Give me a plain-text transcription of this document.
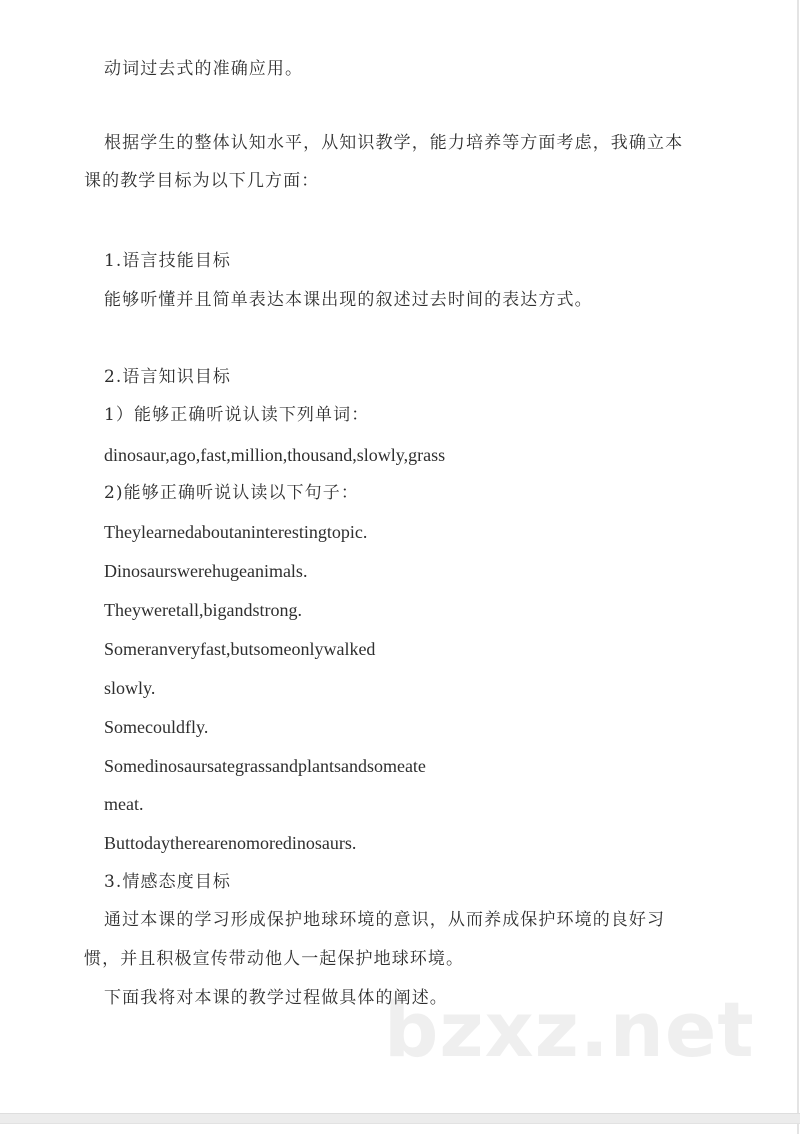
bzxz.net
动词过去式的准确应用。
根据学生的整体认知水平，从知识教学，能力培养等方面考虑，我确立本
课的教学目标为以下几方面：
1.语言技能目标
能够听懂并且简单表达本课出现的叙述过去时间的表达方式。
2.语言知识目标
1）能够正确听说认读下列单词：
dinosaur,ago,fast,million,thousand,slowly,grass
2)能够正确听说认读以下句子：
Theylearnedaboutaninterestingtopic.
Dinosaurswerehugeanimals.
Theyweretall,bigandstrong.
Someranveryfast,butsomeonlywalked
slowly.
Somecouldfly.
Somedinosaursategrassandplantsandsomeate
meat.
Buttodaytherearenomoredinosaurs.
3.情感态度目标
通过本课的学习形成保护地球环境的意识，从而养成保护环境的良好习
惯，并且积极宣传带动他人一起保护地球环境。
下面我将对本课的教学过程做具体的阐述。
